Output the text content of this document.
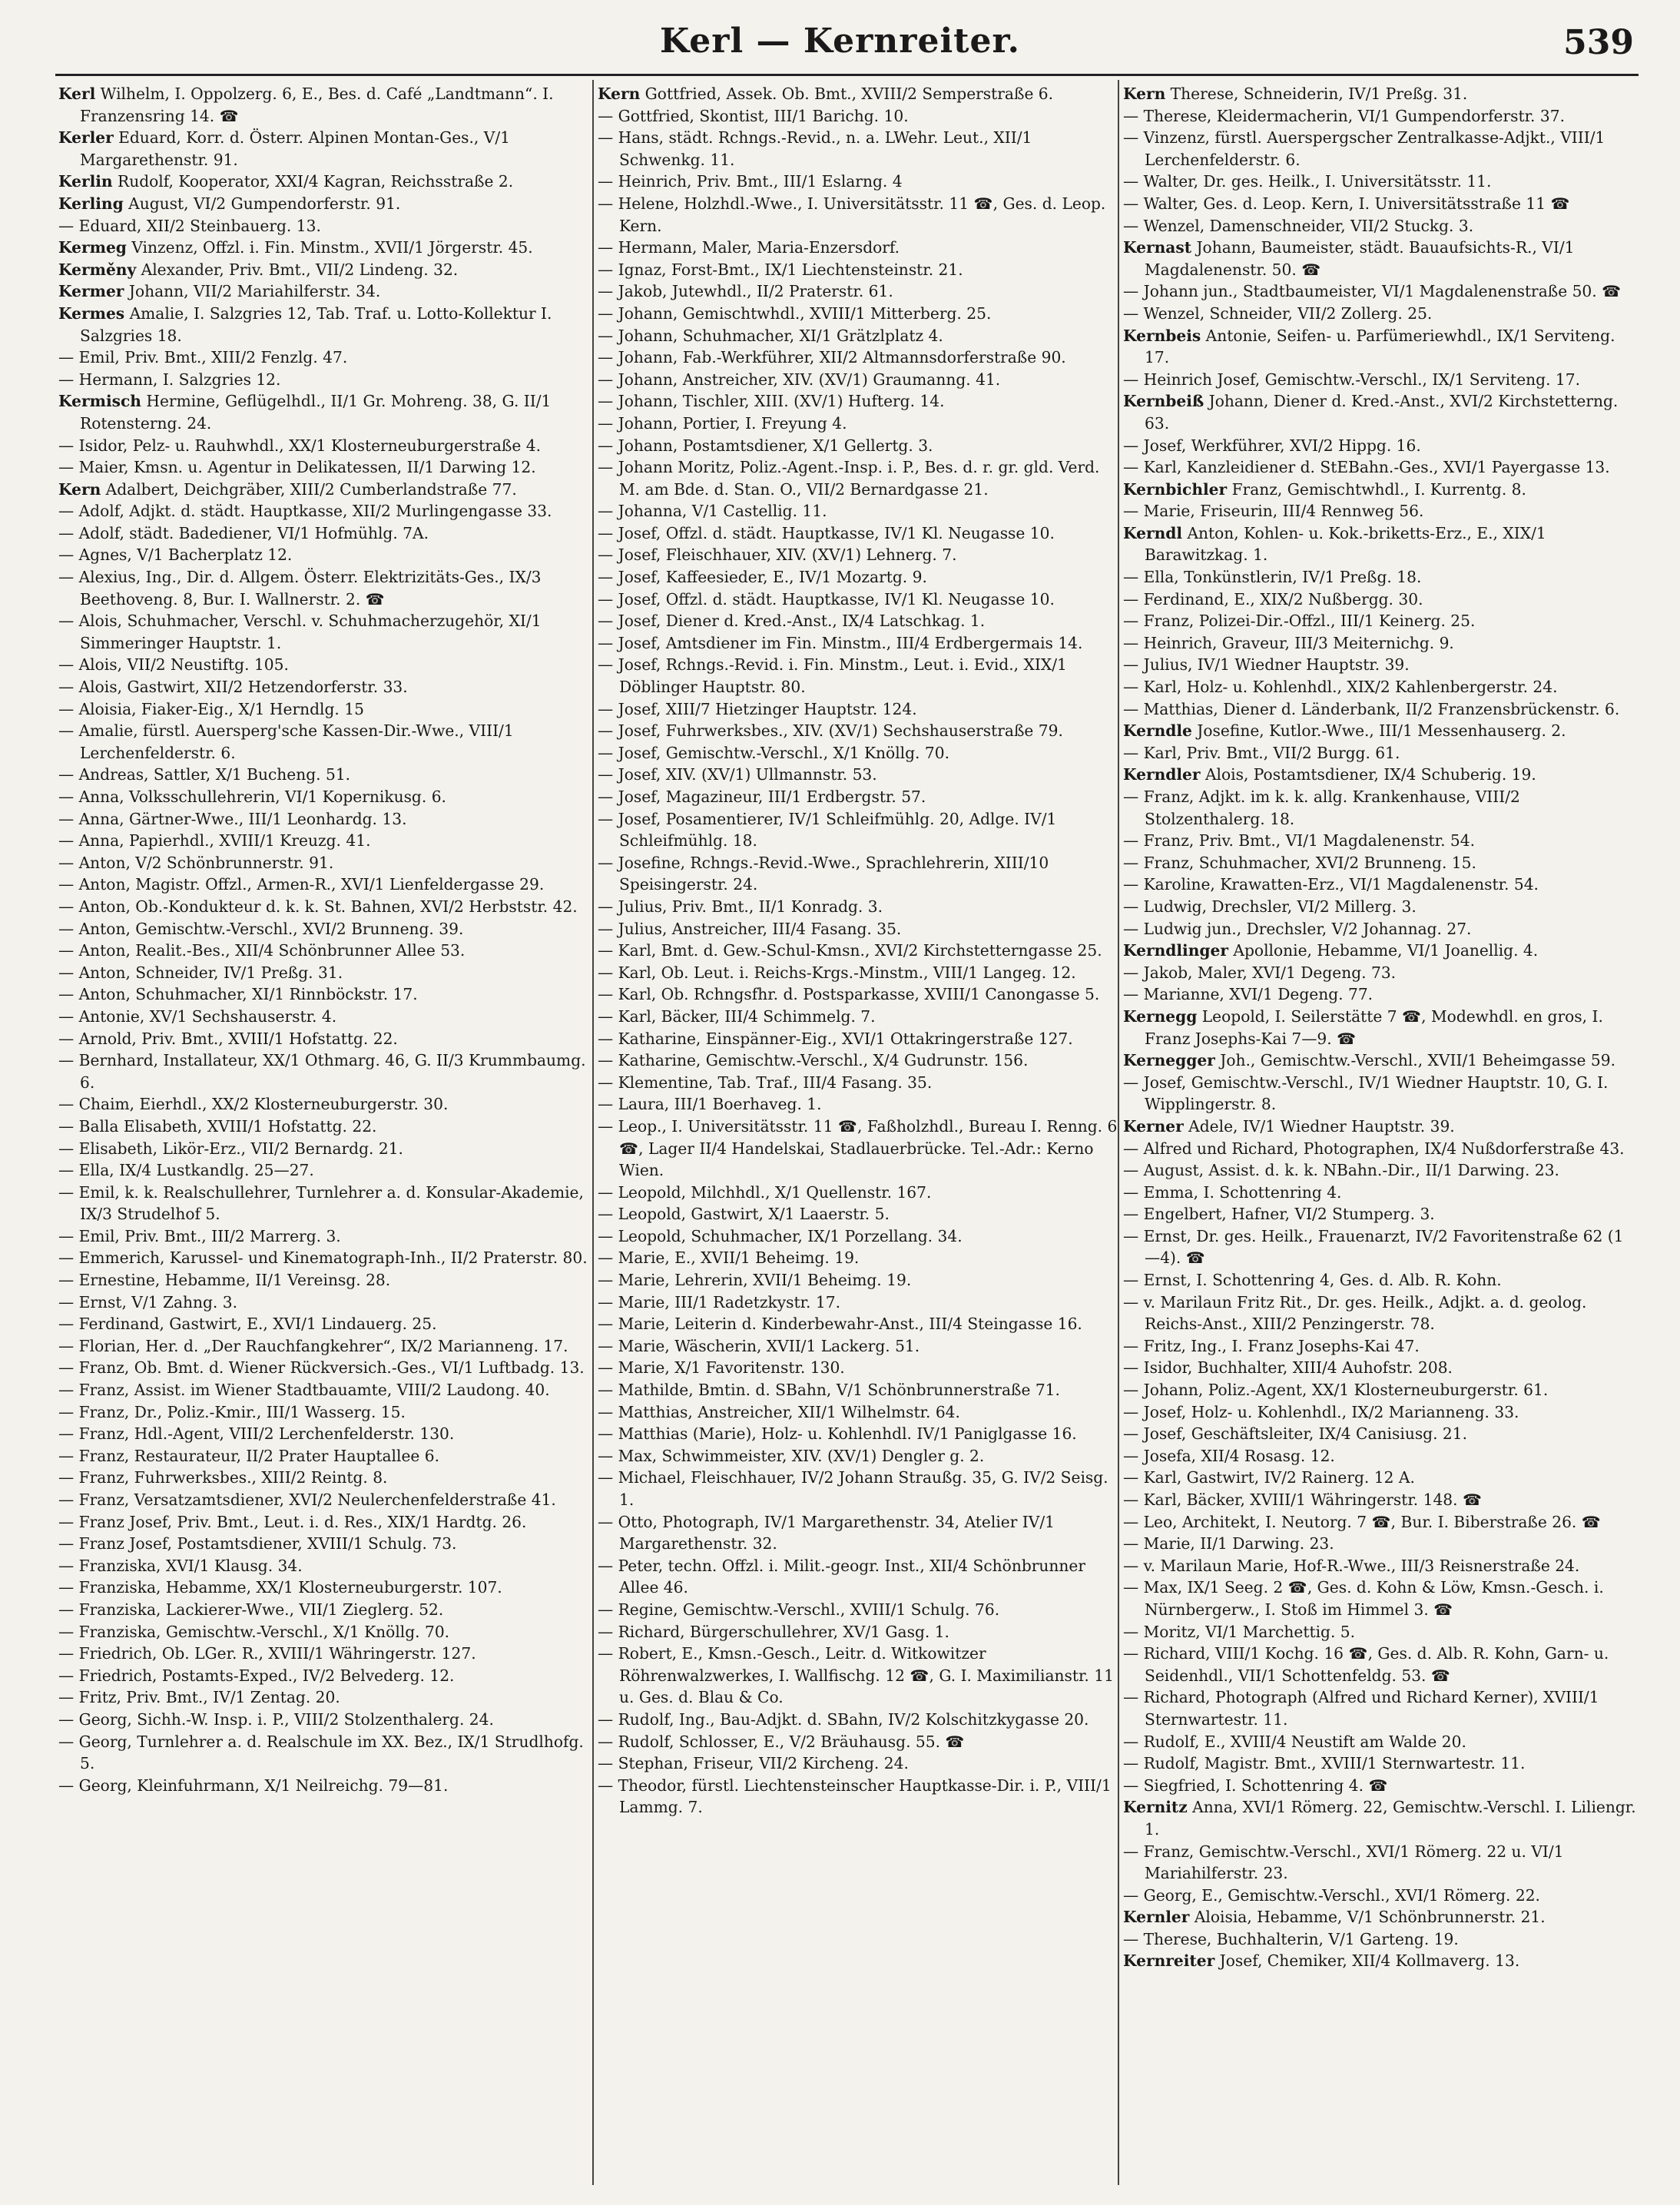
Kerl — Kernreiter.	539

Kerl Wilhelm, I. Oppolzerg. 6, E., Bes. d. Café „Landtmann“. I. Franzensring 14. ☎

Kerler Eduard, Korr. d. Österr. Alpinen Montan-Ges., V/1 Margarethenstr. 91.

Kerlin Rudolf, Kooperator, XXI/4 Kagran, Reichsstraße 2.

Kerling August, VI/2 Gumpendorferstr. 91.

— Eduard, XII/2 Steinbauerg. 13.

Kermeg Vinzenz, Offzl. i. Fin. Minstm., XVII/1 Jörgerstr. 45.

Kerměny Alexander, Priv. Bmt., VII/2 Lindeng. 32.

Kermer Johann, VII/2 Mariahilferstr. 34.

Kermes Amalie, I. Salzgries 12, Tab. Traf. u. Lotto-Kollektur I. Salzgries 18.

— Emil, Priv. Bmt., XIII/2 Fenzlg. 47.

— Hermann, I. Salzgries 12.

Kermisch Hermine, Geflügelhdl., II/1 Gr. Mohreng. 38, G. II/1 Rotensterng. 24.

— Isidor, Pelz- u. Rauhwhdl., XX/1 Klosterneuburgerstraße 4.

— Maier, Kmsn. u. Agentur in Delikatessen, II/1 Darwing 12.

Kern Adalbert, Deichgräber, XIII/2 Cumberlandstraße 77.

— Adolf, Adjkt. d. städt. Hauptkasse, XII/2 Murlingengasse 33.

— Adolf, städt. Badediener, VI/1 Hofmühlg. 7A.

— Agnes, V/1 Bacherplatz 12.

— Alexius, Ing., Dir. d. Allgem. Österr. Elektrizitäts-Ges., IX/3 Beethoveng. 8, Bur. I. Wallnerstr. 2. ☎

— Alois, Schuhmacher, Verschl. v. Schuhmacherzugehör, XI/1 Simmeringer Hauptstr. 1.

— Alois, VII/2 Neustiftg. 105.

— Alois, Gastwirt, XII/2 Hetzendorferstr. 33.

— Aloisia, Fiaker-Eig., X/1 Herndlg. 15

— Amalie, fürstl. Auersperg'sche Kassen-Dir.-Wwe., VIII/1 Lerchenfelderstr. 6.

— Andreas, Sattler, X/1 Bucheng. 51.

— Anna, Volksschullehrerin, VI/1 Kopernikusg. 6.

— Anna, Gärtner-Wwe., III/1 Leonhardg. 13.

— Anna, Papierhdl., XVIII/1 Kreuzg. 41.

— Anton, V/2 Schönbrunnerstr. 91.

— Anton, Magistr. Offzl., Armen-R., XVI/1 Lienfeldergasse 29.

— Anton, Ob.-Kondukteur d. k. k. St. Bahnen, XVI/2 Herbststr. 42.

— Anton, Gemischtw.-Verschl., XVI/2 Brunneng. 39.

— Anton, Realit.-Bes., XII/4 Schönbrunner Allee 53.

— Anton, Schneider, IV/1 Preßg. 31.

— Anton, Schuhmacher, XI/1 Rinnböckstr. 17.

— Antonie, XV/1 Sechshauserstr. 4.

— Arnold, Priv. Bmt., XVIII/1 Hofstattg. 22.

— Bernhard, Installateur, XX/1 Othmarg. 46, G. II/3 Krummbaumg. 6.

— Chaim, Eierhdl., XX/2 Klosterneuburgerstr. 30.

— Balla Elisabeth, XVIII/1 Hofstattg. 22.

— Elisabeth, Likör-Erz., VII/2 Bernardg. 21.

— Ella, IX/4 Lustkandlg. 25—27.

— Emil, k. k. Realschullehrer, Turnlehrer a. d. Konsular-Akademie, IX/3 Strudelhof 5.

— Emil, Priv. Bmt., III/2 Marrerg. 3.

— Emmerich, Karussel- und Kinematograph-Inh., II/2 Praterstr. 80.

— Ernestine, Hebamme, II/1 Vereinsg. 28.

— Ernst, V/1 Zahng. 3.

— Ferdinand, Gastwirt, E., XVI/1 Lindauerg. 25.

— Florian, Her. d. „Der Rauchfangkehrer“, IX/2 Marianneng. 17.

— Franz, Ob. Bmt. d. Wiener Rückversich.-Ges., VI/1 Luftbadg. 13.

— Franz, Assist. im Wiener Stadtbauamte, VIII/2 Laudong. 40.

— Franz, Dr., Poliz.-Kmir., III/1 Wasserg. 15.

— Franz, Hdl.-Agent, VIII/2 Lerchenfelderstr. 130.

— Franz, Restaurateur, II/2 Prater Hauptallee 6.

— Franz, Fuhrwerksbes., XIII/2 Reintg. 8.

— Franz, Versatzamtsdiener, XVI/2 Neulerchenfelderstraße 41.

— Franz Josef, Priv. Bmt., Leut. i. d. Res., XIX/1 Hardtg. 26.

— Franz Josef, Postamtsdiener, XVIII/1 Schulg. 73.

— Franziska, XVI/1 Klausg. 34.

— Franziska, Hebamme, XX/1 Klosterneuburgerstr. 107.

— Franziska, Lackierer-Wwe., VII/1 Zieglerg. 52.

— Franziska, Gemischtw.-Verschl., X/1 Knöllg. 70.

— Friedrich, Ob. LGer. R., XVIII/1 Währingerstr. 127.

— Friedrich, Postamts-Exped., IV/2 Belvederg. 12.

— Fritz, Priv. Bmt., IV/1 Zentag. 20.

— Georg, Sichh.-W. Insp. i. P., VIII/2 Stolzenthalerg. 24.

— Georg, Turnlehrer a. d. Realschule im XX. Bez., IX/1 Strudlhofg. 5.

— Georg, Kleinfuhrmann, X/1 Neilreichg. 79—81.

Kern Gottfried, Assek. Ob. Bmt., XVIII/2 Semperstraße 6.

— Gottfried, Skontist, III/1 Barichg. 10.

— Hans, städt. Rchngs.-Revid., n. a. LWehr. Leut., XII/1 Schwenkg. 11.

— Heinrich, Priv. Bmt., III/1 Eslarng. 4

— Helene, Holzhdl.-Wwe., I. Universitätsstr. 11 ☎, Ges. d. Leop. Kern.

— Hermann, Maler, Maria-Enzersdorf.

— Ignaz, Forst-Bmt., IX/1 Liechtensteinstr. 21.

— Jakob, Jutewhdl., II/2 Praterstr. 61.

— Johann, Gemischtwhdl., XVIII/1 Mitterberg. 25.

— Johann, Schuhmacher, XI/1 Grätzlplatz 4.

— Johann, Fab.-Werkführer, XII/2 Altmannsdorferstraße 90.

— Johann, Anstreicher, XIV. (XV/1) Graumanng. 41.

— Johann, Tischler, XIII. (XV/1) Hufterg. 14.

— Johann, Portier, I. Freyung 4.

— Johann, Postamtsdiener, X/1 Gellertg. 3.

— Johann Moritz, Poliz.-Agent.-Insp. i. P., Bes. d. r. gr. gld. Verd. M. am Bde. d. Stan. O., VII/2 Bernardgasse 21.

— Johanna, V/1 Castellig. 11.

— Josef, Offzl. d. städt. Hauptkasse, IV/1 Kl. Neugasse 10.

— Josef, Fleischhauer, XIV. (XV/1) Lehnerg. 7.

— Josef, Kaffeesieder, E., IV/1 Mozartg. 9.

— Josef, Offzl. d. städt. Hauptkasse, IV/1 Kl. Neugasse 10.

— Josef, Diener d. Kred.-Anst., IX/4 Latschkag. 1.

— Josef, Amtsdiener im Fin. Minstm., III/4 Erdbergermais 14.

— Josef, Rchngs.-Revid. i. Fin. Minstm., Leut. i. Evid., XIX/1 Döblinger Hauptstr. 80.

— Josef, XIII/7 Hietzinger Hauptstr. 124.

— Josef, Fuhrwerksbes., XIV. (XV/1) Sechshauserstraße 79.

— Josef, Gemischtw.-Verschl., X/1 Knöllg. 70.

— Josef, XIV. (XV/1) Ullmannstr. 53.

— Josef, Magazineur, III/1 Erdbergstr. 57.

— Josef, Posamentierer, IV/1 Schleifmühlg. 20, Adlge. IV/1 Schleifmühlg. 18.

— Josefine, Rchngs.-Revid.-Wwe., Sprachlehrerin, XIII/10 Speisingerstr. 24.

— Julius, Priv. Bmt., II/1 Konradg. 3.

— Julius, Anstreicher, III/4 Fasang. 35.

— Karl, Bmt. d. Gew.-Schul-Kmsn., XVI/2 Kirchstetterngasse 25.

— Karl, Ob. Leut. i. Reichs-Krgs.-Minstm., VIII/1 Langeg. 12.

— Karl, Ob. Rchngsfhr. d. Postsparkasse, XVIII/1 Canongasse 5.

— Karl, Bäcker, III/4 Schimmelg. 7.

— Katharine, Einspänner-Eig., XVI/1 Ottakringerstraße 127.

— Katharine, Gemischtw.-Verschl., X/4 Gudrunstr. 156.

— Klementine, Tab. Traf., III/4 Fasang. 35.

— Laura, III/1 Boerhaveg. 1.

— Leop., I. Universitätsstr. 11 ☎, Faßholzhdl., Bureau I. Renng. 6 ☎, Lager II/4 Handelskai, Stadlauerbrücke. Tel.-Adr.: Kerno Wien.

— Leopold, Milchhdl., X/1 Quellenstr. 167.

— Leopold, Gastwirt, X/1 Laaerstr. 5.

— Leopold, Schuhmacher, IX/1 Porzellang. 34.

— Marie, E., XVII/1 Beheimg. 19.

— Marie, Lehrerin, XVII/1 Beheimg. 19.

— Marie, III/1 Radetzkystr. 17.

— Marie, Leiterin d. Kinderbewahr-Anst., III/4 Steingasse 16.

— Marie, Wäscherin, XVII/1 Lackerg. 51.

— Marie, X/1 Favoritenstr. 130.

— Mathilde, Bmtin. d. SBahn, V/1 Schönbrunnerstraße 71.

— Matthias, Anstreicher, XII/1 Wilhelmstr. 64.

— Matthias (Marie), Holz- u. Kohlenhdl. IV/1 Paniglgasse 16.

— Max, Schwimmeister, XIV. (XV/1) Dengler g. 2.

— Michael, Fleischhauer, IV/2 Johann Straußg. 35, G. IV/2 Seisg. 1.

— Otto, Photograph, IV/1 Margarethenstr. 34, Atelier IV/1 Margarethenstr. 32.

— Peter, techn. Offzl. i. Milit.-geogr. Inst., XII/4 Schönbrunner Allee 46.

— Regine, Gemischtw.-Verschl., XVIII/1 Schulg. 76.

— Richard, Bürgerschullehrer, XV/1 Gasg. 1.

— Robert, E., Kmsn.-Gesch., Leitr. d. Witkowitzer Röhrenwalzwerkes, I. Wallfischg. 12 ☎, G. I. Maximilianstr. 11 u. Ges. d. Blau & Co.

— Rudolf, Ing., Bau-Adjkt. d. SBahn, IV/2 Kolschitzkygasse 20.

— Rudolf, Schlosser, E., V/2 Bräuhausg. 55. ☎

— Stephan, Friseur, VII/2 Kircheng. 24.

— Theodor, fürstl. Liechtensteinscher Hauptkasse-Dir. i. P., VIII/1 Lammg. 7.

Kern Therese, Schneiderin, IV/1 Preßg. 31.

— Therese, Kleidermacherin, VI/1 Gumpendorferstr. 37.

— Vinzenz, fürstl. Auerspergscher Zentralkasse-Adjkt., VIII/1 Lerchenfelderstr. 6.

— Walter, Dr. ges. Heilk., I. Universitätsstr. 11.

— Walter, Ges. d. Leop. Kern, I. Universitätsstraße 11 ☎

— Wenzel, Damenschneider, VII/2 Stuckg. 3.

Kernast Johann, Baumeister, städt. Bauaufsichts-R., VI/1 Magdalenenstr. 50. ☎

— Johann jun., Stadtbaumeister, VI/1 Magdalenenstraße 50. ☎

— Wenzel, Schneider, VII/2 Zollerg. 25.

Kernbeis Antonie, Seifen- u. Parfümeriewhdl., IX/1 Serviteng. 17.

— Heinrich Josef, Gemischtw.-Verschl., IX/1 Serviteng. 17.

Kernbeiß Johann, Diener d. Kred.-Anst., XVI/2 Kirchstetterng. 63.

— Josef, Werkführer, XVI/2 Hippg. 16.

— Karl, Kanzleidiener d. StEBahn.-Ges., XVI/1 Payergasse 13.

Kernbichler Franz, Gemischtwhdl., I. Kurrentg. 8.

— Marie, Friseurin, III/4 Rennweg 56.

Kerndl Anton, Kohlen- u. Kok.-briketts-Erz., E., XIX/1 Barawitzkag. 1.

— Ella, Tonkünstlerin, IV/1 Preßg. 18.

— Ferdinand, E., XIX/2 Nußbergg. 30.

— Franz, Polizei-Dir.-Offzl., III/1 Keinerg. 25.

— Heinrich, Graveur, III/3 Meiternichg. 9.

— Julius, IV/1 Wiedner Hauptstr. 39.

— Karl, Holz- u. Kohlenhdl., XIX/2 Kahlenbergerstr. 24.

— Matthias, Diener d. Länderbank, II/2 Franzensbrückenstr. 6.

Kerndle Josefine, Kutlor.-Wwe., III/1 Messenhauserg. 2.

— Karl, Priv. Bmt., VII/2 Burgg. 61.

Kerndler Alois, Postamtsdiener, IX/4 Schuberig. 19.

— Franz, Adjkt. im k. k. allg. Krankenhause, VIII/2 Stolzenthalerg. 18.

— Franz, Priv. Bmt., VI/1 Magdalenenstr. 54.

— Franz, Schuhmacher, XVI/2 Brunneng. 15.

— Karoline, Krawatten-Erz., VI/1 Magdalenenstr. 54.

— Ludwig, Drechsler, VI/2 Millerg. 3.

— Ludwig jun., Drechsler, V/2 Johannag. 27.

Kerndlinger Apollonie, Hebamme, VI/1 Joanellig. 4.

— Jakob, Maler, XVI/1 Degeng. 73.

— Marianne, XVI/1 Degeng. 77.

Kernegg Leopold, I. Seilerstätte 7 ☎, Modewhdl. en gros, I. Franz Josephs-Kai 7—9. ☎

Kernegger Joh., Gemischtw.-Verschl., XVII/1 Beheimgasse 59.

— Josef, Gemischtw.-Verschl., IV/1 Wiedner Hauptstr. 10, G. I. Wipplingerstr. 8.

Kerner Adele, IV/1 Wiedner Hauptstr. 39.

— Alfred und Richard, Photographen, IX/4 Nußdorferstraße 43.

— August, Assist. d. k. k. NBahn.-Dir., II/1 Darwing. 23.

— Emma, I. Schottenring 4.

— Engelbert, Hafner, VI/2 Stumperg. 3.

— Ernst, Dr. ges. Heilk., Frauenarzt, IV/2 Favoritenstraße 62 (1—4). ☎

— Ernst, I. Schottenring 4, Ges. d. Alb. R. Kohn.

— v. Marilaun Fritz Rit., Dr. ges. Heilk., Adjkt. a. d. geolog. Reichs-Anst., XIII/2 Penzingerstr. 78.

— Fritz, Ing., I. Franz Josephs-Kai 47.

— Isidor, Buchhalter, XIII/4 Auhofstr. 208.

— Johann, Poliz.-Agent, XX/1 Klosterneuburgerstr. 61.

— Josef, Holz- u. Kohlenhdl., IX/2 Marianneng. 33.

— Josef, Geschäftsleiter, IX/4 Canisiusg. 21.

— Josefa, XII/4 Rosasg. 12.

— Karl, Gastwirt, IV/2 Rainerg. 12 A.

— Karl, Bäcker, XVIII/1 Währingerstr. 148. ☎

— Leo, Architekt, I. Neutorg. 7 ☎, Bur. I. Biberstraße 26. ☎

— Marie, II/1 Darwing. 23.

— v. Marilaun Marie, Hof-R.-Wwe., III/3 Reisnerstraße 24.

— Max, IX/1 Seeg. 2 ☎, Ges. d. Kohn & Löw, Kmsn.-Gesch. i. Nürnbergerw., I. Stoß im Himmel 3. ☎

— Moritz, VI/1 Marchettig. 5.

— Richard, VIII/1 Kochg. 16 ☎, Ges. d. Alb. R. Kohn, Garn- u. Seidenhdl., VII/1 Schottenfeldg. 53. ☎

— Richard, Photograph (Alfred und Richard Kerner), XVIII/1 Sternwartestr. 11.

— Rudolf, E., XVIII/4 Neustift am Walde 20.

— Rudolf, Magistr. Bmt., XVIII/1 Sternwartestr. 11.

— Siegfried, I. Schottenring 4. ☎

Kernitz Anna, XVI/1 Römerg. 22, Gemischtw.-Verschl. I. Liliengr. 1.

— Franz, Gemischtw.-Verschl., XVI/1 Römerg. 22 u. VI/1 Mariahilferstr. 23.

— Georg, E., Gemischtw.-Verschl., XVI/1 Römerg. 22.

Kernler Aloisia, Hebamme, V/1 Schönbrunnerstr. 21.

— Therese, Buchhalterin, V/1 Garteng. 19.

Kernreiter Josef, Chemiker, XII/4 Kollmaverg. 13.
